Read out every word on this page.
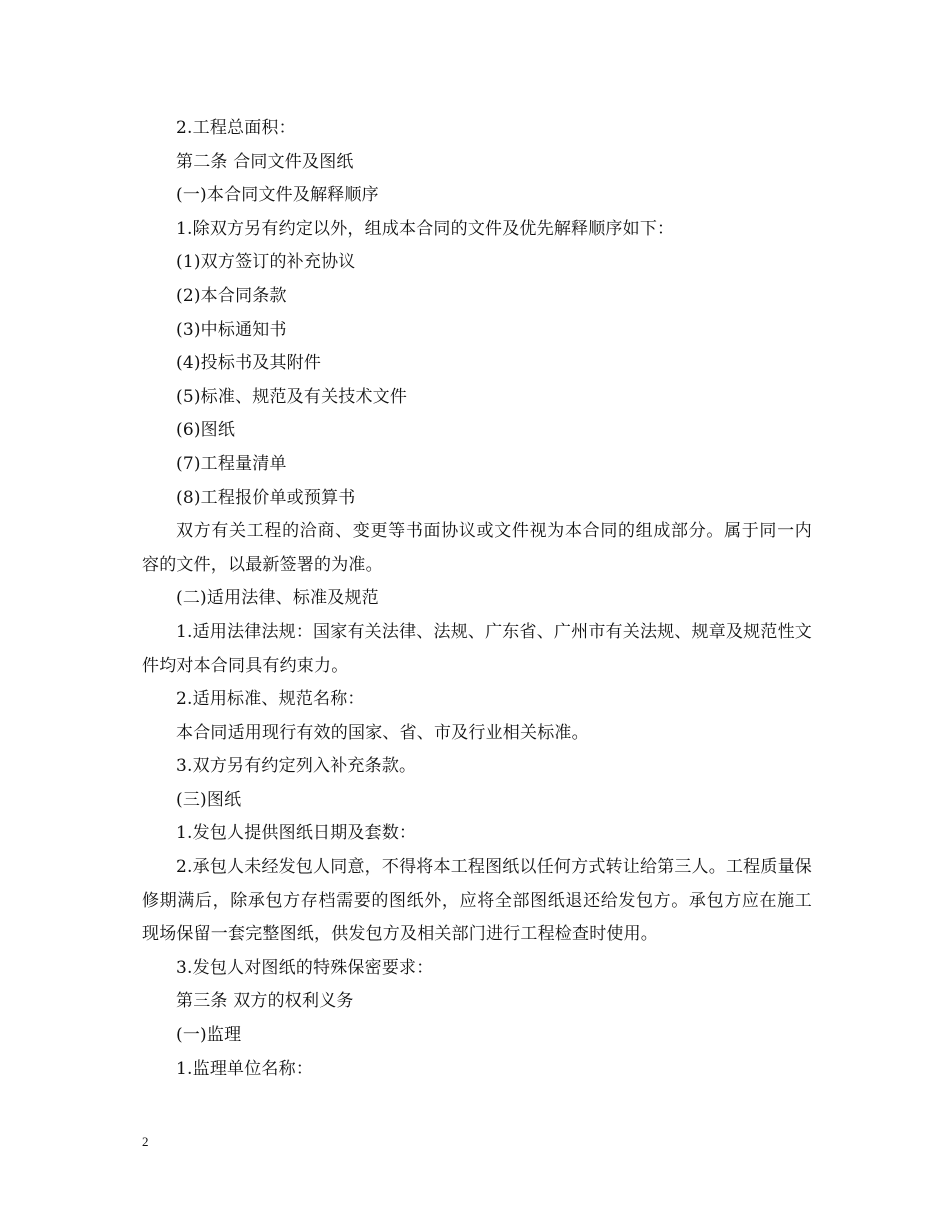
2.工程总面积：

第二条 合同文件及图纸

(一)本合同文件及解释顺序

1.除双方另有约定以外，组成本合同的文件及优先解释顺序如下：

(1)双方签订的补充协议

(2)本合同条款

(3)中标通知书

(4)投标书及其附件

(5)标准、规范及有关技术文件

(6)图纸

(7)工程量清单

(8)工程报价单或预算书

双方有关工程的洽商、变更等书面协议或文件视为本合同的组成部分。属于同一内容的文件，以最新签署的为准。

(二)适用法律、标准及规范

1.适用法律法规：国家有关法律、法规、广东省、广州市有关法规、规章及规范性文件均对本合同具有约束力。

2.适用标准、规范名称：

本合同适用现行有效的国家、省、市及行业相关标准。

3.双方另有约定列入补充条款。

(三)图纸

1.发包人提供图纸日期及套数：

2.承包人未经发包人同意，不得将本工程图纸以任何方式转让给第三人。工程质量保修期满后，除承包方存档需要的图纸外，应将全部图纸退还给发包方。承包方应在施工现场保留一套完整图纸，供发包方及相关部门进行工程检查时使用。

3.发包人对图纸的特殊保密要求：

第三条 双方的权利义务

(一)监理

1.监理单位名称：

2
